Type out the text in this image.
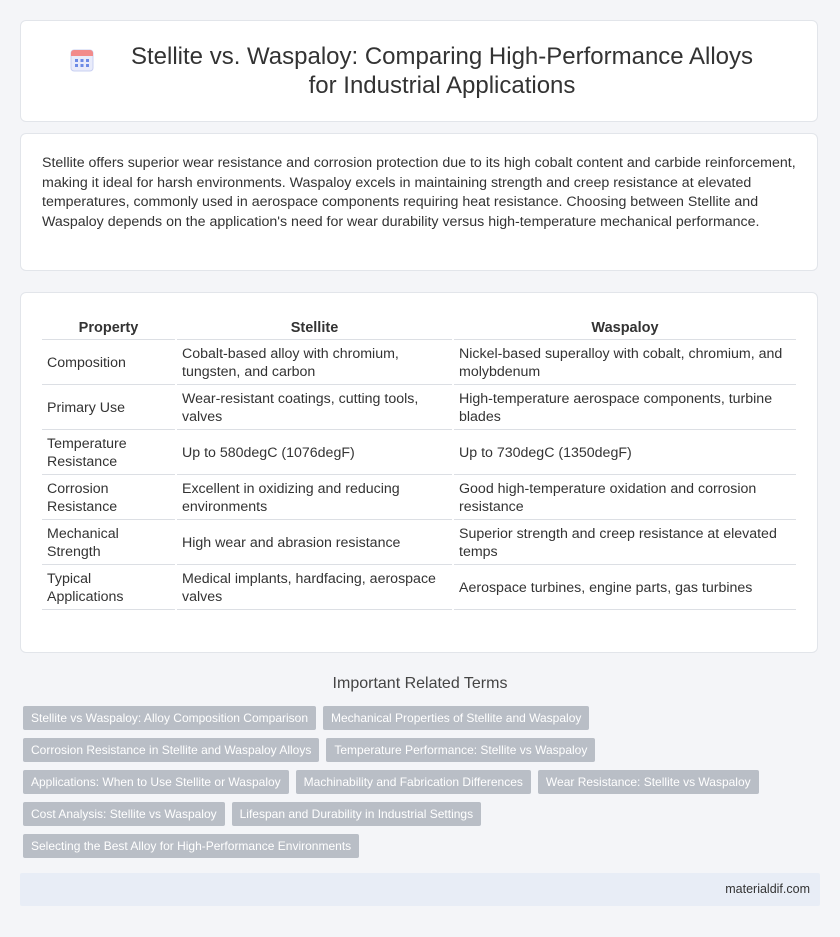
Stellite vs. Waspaloy: Comparing High-Performance Alloys for Industrial Applications

Stellite offers superior wear resistance and corrosion protection due to its high cobalt content and carbide reinforcement, making it ideal for harsh environments. Waspaloy excels in maintaining strength and creep resistance at elevated temperatures, commonly used in aerospace components requiring heat resistance. Choosing between Stellite and Waspaloy depends on the application's need for wear durability versus high-temperature mechanical performance.

Property	Stellite	Waspaloy
Composition	Cobalt-based alloy with chromium, tungsten, and carbon	Nickel-based superalloy with cobalt, chromium, and molybdenum
Primary Use	Wear-resistant coatings, cutting tools, valves	High-temperature aerospace components, turbine blades
Temperature Resistance	Up to 580degC (1076degF)	Up to 730degC (1350degF)
Corrosion Resistance	Excellent in oxidizing and reducing environments	Good high-temperature oxidation and corrosion resistance
Mechanical Strength	High wear and abrasion resistance	Superior strength and creep resistance at elevated temps
Typical Applications	Medical implants, hardfacing, aerospace valves	Aerospace turbines, engine parts, gas turbines
Important Related Terms
Stellite vs Waspaloy: Alloy Composition Comparison	Mechanical Properties of Stellite and Waspaloy
Corrosion Resistance in Stellite and Waspaloy Alloys	Temperature Performance: Stellite vs Waspaloy
Applications: When to Use Stellite or Waspaloy	Machinability and Fabrication Differences	Wear Resistance: Stellite vs Waspaloy
Cost Analysis: Stellite vs Waspaloy	Lifespan and Durability in Industrial Settings
Selecting the Best Alloy for High-Performance Environments
materialdif.com
